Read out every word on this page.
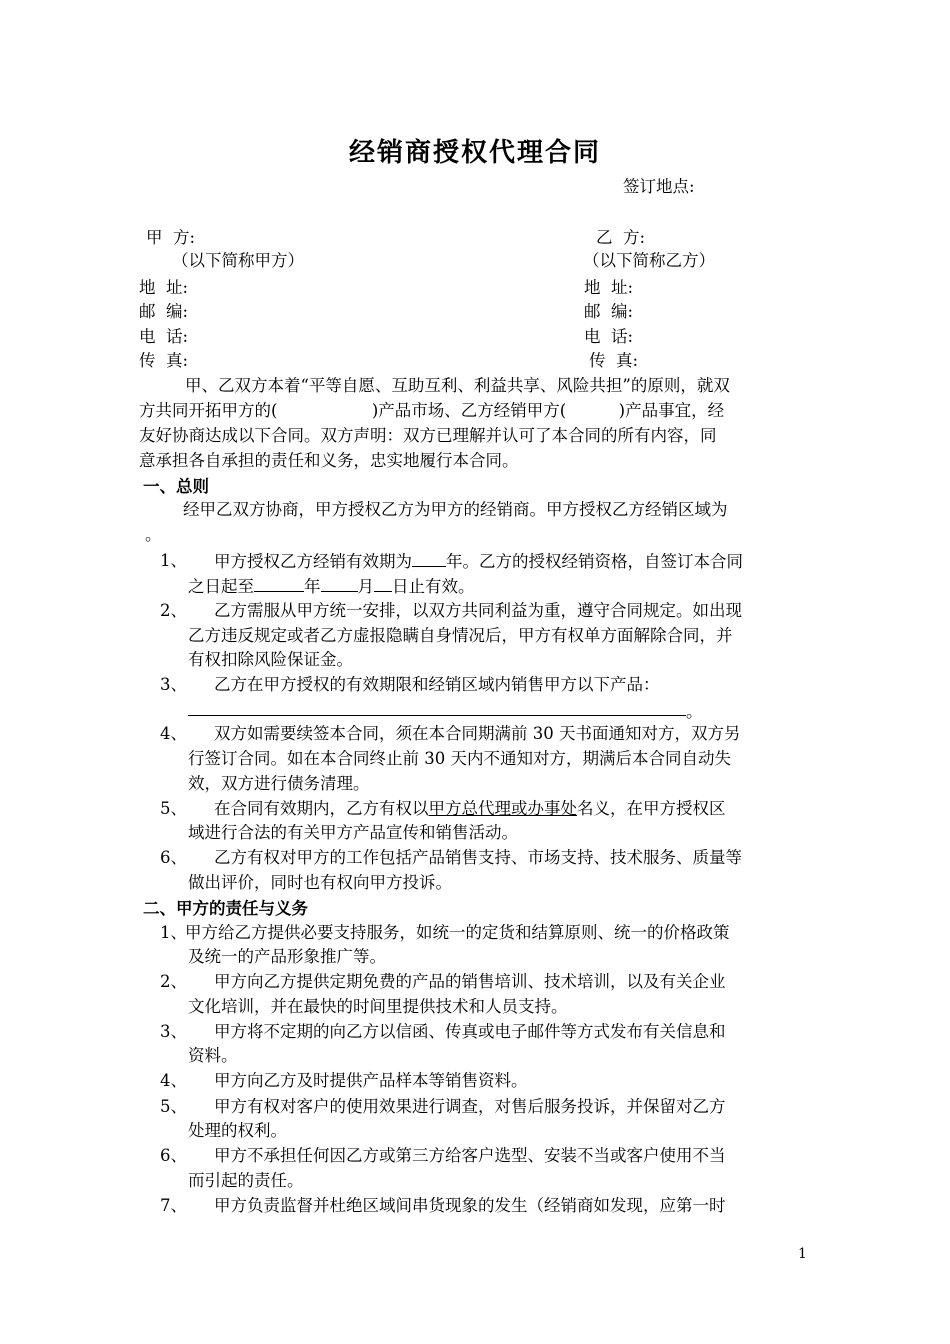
经销商授权代理合同
签订地点:
甲  方:
（以下简称甲方）
地  址:
邮  编:
电  话:
传  真:
乙  方:
（以下简称乙方）
地  址:
邮  编:
电  话:
传  真:
甲、乙双方本着“平等自愿、互助互利、利益共享、风险共担”的原则，就双
方共同开拓甲方的(                  )产品市场、乙方经销甲方(          )产品事宜，经
友好协商达成以下合同。双方声明：双方已理解并认可了本合同的所有内容，同
意承担各自承担的责任和义务，忠实地履行本合同。
一、总则
经甲乙双方协商，甲方授权乙方为甲方的经销商。甲方授权乙方经销区域为
。
1、 甲方授权乙方经销有效期为 年。乙方的授权经销资格，自签订本合同
之日起至	年 月 日止有效。
2、 乙方需服从甲方统一安排，以双方共同利益为重，遵守合同规定。如出现
乙方违反规定或者乙方虚报隐瞒自身情况后，甲方有权单方面解除合同，并
有权扣除风险保证金。
3、 乙方在甲方授权的有效期限和经销区域内销售甲方以下产品：
。
4、 双方如需要续签本合同，须在本合同期满前 30 天书面通知对方，双方另
行签订合同。如在本合同终止前 30 天内不通知对方，期满后本合同自动失
效，双方进行债务清理。
5、 在合同有效期内，乙方有权以甲方总代理或办事处名义，在甲方授权区
域进行合法的有关甲方产品宣传和销售活动。
6、 乙方有权对甲方的工作包括产品销售支持、市场支持、技术服务、质量等
做出评价，同时也有权向甲方投诉。
二、甲方的责任与义务
1、
甲方给乙方提供必要支持服务，如统一的定货和结算原则、统一的价格政策
及统一的产品形象推广等。
2、 甲方向乙方提供定期免费的产品的销售培训、技术培训，以及有关企业
文化培训，并在最快的时间里提供技术和人员支持。
3、 甲方将不定期的向乙方以信函、传真或电子邮件等方式发布有关信息和
资料。
4、 甲方向乙方及时提供产品样本等销售资料。
5、 甲方有权对客户的使用效果进行调查，对售后服务投诉，并保留对乙方
处理的权利。
6、 甲方不承担任何因乙方或第三方给客户选型、安装不当或客户使用不当
而引起的责任。
7、 甲方负责监督并杜绝区域间串货现象的发生（经销商如发现，应第一时
1
